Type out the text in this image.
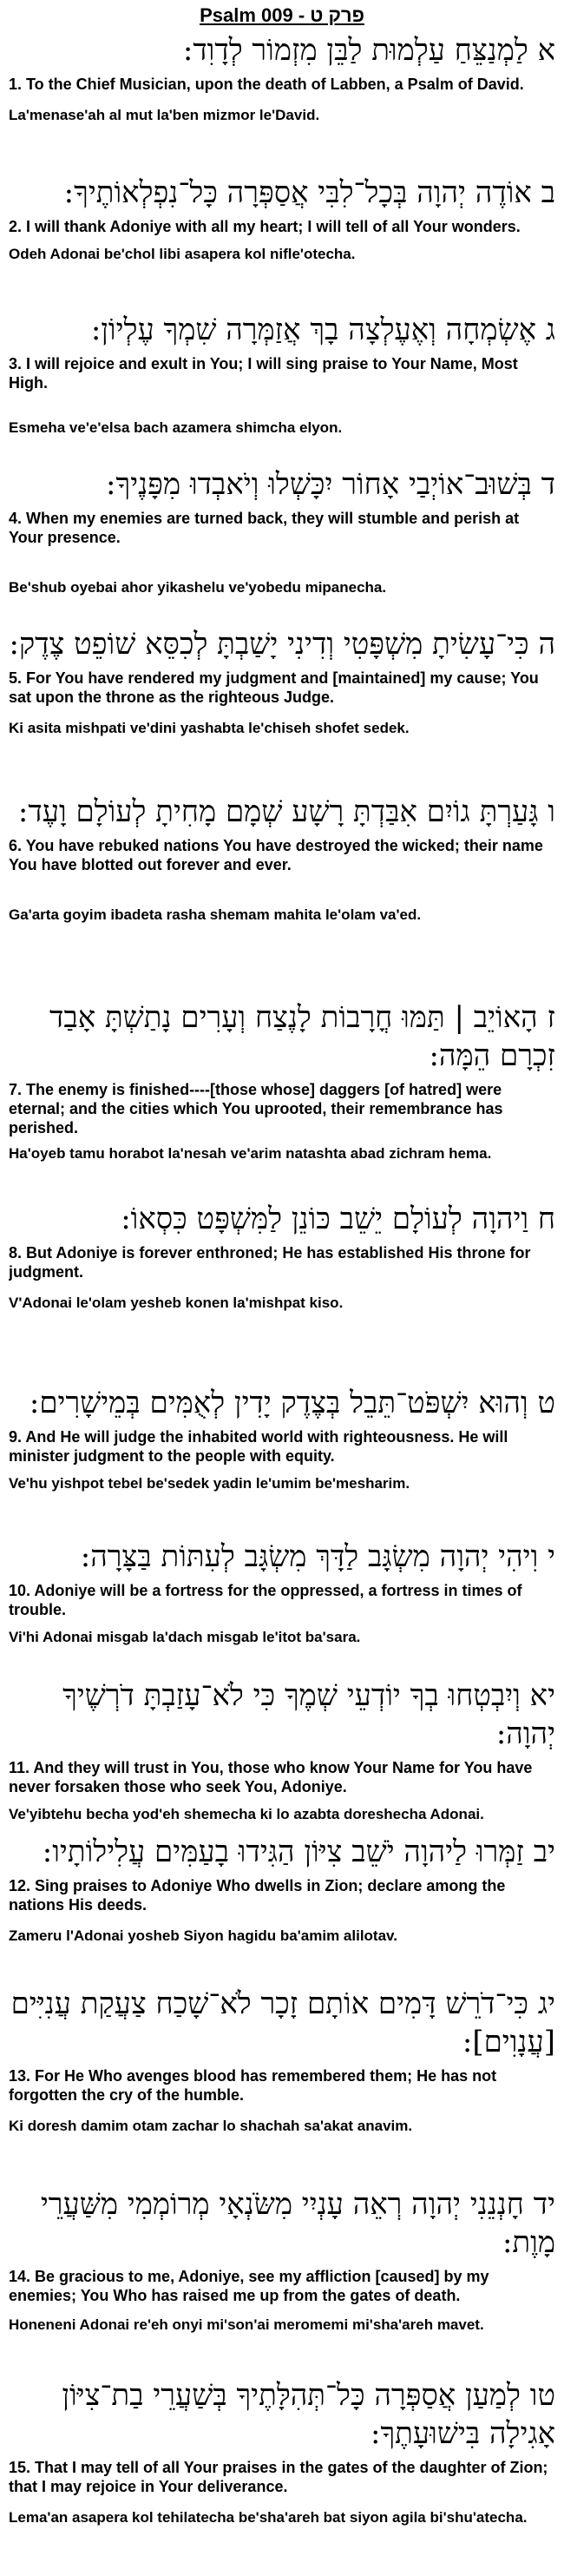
Psalm 009 - פרק ט

א לַמְנַצֵּחַ עַלְמוּת לַבֵּן מִזְמוֹר לְדָוִד:

1. To the Chief Musician, upon the death of Labben, a Psalm of David.

La'menase'ah al mut la'ben mizmor le'David.

ב אוֹדֶה יְהוָה בְּכָל־לִבִּי אֲסַפְּרָה כָּל־נִפְלְאוֹתֶיךָ:

2. I will thank Adoniye with all my heart; I will tell of all Your wonders.

Odeh Adonai be'chol libi asapera kol nifle'otecha.

ג אֶשְׂמְחָה וְאֶעֶלְצָה בָךְ אֲזַמְּרָה שִׁמְךָ עֶלְיוֹן:

3. I will rejoice and exult in You; I will sing praise to Your Name, Most High.

Esmeha ve'e'elsa bach azamera shimcha elyon.

ד בְּשׁוּב־אוֹיְבַי אָחוֹר יִכָּשְׁלוּ וְיֹאבְדוּ מִפָּנֶיךָ:

4. When my enemies are turned back, they will stumble and perish at Your presence.

Be'shub oyebai ahor yikashelu ve'yobedu mipanecha.

ה כִּי־עָשִׂיתָ מִשְׁפָּטִי וְדִינִי יָשַׁבְתָּ לְכִסֵּא שׁוֹפֵט צֶדֶק:

5. For You have rendered my judgment and [maintained] my cause; You sat upon the throne as the righteous Judge.

Ki asita mishpati ve'dini yashabta le'chiseh shofet sedek.

ו גָּעַרְתָּ גוֹיִם אִבַּדְתָּ רָשָׁע שְׁמָם מָחִיתָ לְעוֹלָם וָעֶד:

6. You have rebuked nations You have destroyed the wicked; their name You have blotted out forever and ever.

Ga'arta goyim ibadeta rasha shemam mahita le'olam va'ed.

ז הָאוֹיֵב | תַּמּוּ חֳרָבוֹת לָנֶצַח וְעָרִים נָתַשְׁתָּ אָבַד זִכְרָם הֵמָּה:

7. The enemy is finished----[those whose] daggers [of hatred] were eternal; and the cities which You uprooted, their remembrance has perished.

Ha'oyeb tamu horabot la'nesah ve'arim natashta abad zichram hema.

ח וַיהוָה לְעוֹלָם יֵשֵׁב כּוֹנֵן לַמִּשְׁפָּט כִּסְאוֹ:

8. But Adoniye is forever enthroned; He has established His throne for judgment.

V'Adonai le'olam yesheb konen la'mishpat kiso.

ט וְהוּא יִשְׁפֹּט־תֵּבֵל בְּצֶדֶק יָדִין לְאֻמִּים בְּמֵישָׁרִים:

9. And He will judge the inhabited world with righteousness. He will minister judgment to the people with equity.

Ve'hu yishpot tebel be'sedek yadin le'umim be'mesharim.

י וִיהִי יְהוָה מִשְׂגָּב לַדָּךְ מִשְׂגָּב לְעִתּוֹת בַּצָּרָה:

10. Adoniye will be a fortress for the oppressed, a fortress in times of trouble.

Vi'hi Adonai misgab la'dach misgab le'itot ba'sara.

יא וְיִבְטְחוּ בְךָ יוֹדְעֵי שְׁמֶךָ כִּי לֹא־עָזַבְתָּ דֹרְשֶׁיךָ יְהוָה:

11. And they will trust in You, those who know Your Name for You have never forsaken those who seek You, Adoniye.

Ve'yibtehu becha yod'eh shemecha ki lo azabta doreshecha Adonai.

יב זַמְּרוּ לַיהוָה יֹשֵׁב צִיּוֹן הַגִּידוּ בָעַמִּים עֲלִילוֹתָיו:

12. Sing praises to Adoniye Who dwells in Zion; declare among the nations His deeds.

Zameru l'Adonai yosheb Siyon hagidu ba'amim alilotav.

יג כִּי־דֹרֵשׁ דָּמִים אוֹתָם זָכָר לֹא־שָׁכַח צַעֲקַת עֲנִיִּים [עֲנָוִים]:

13. For He Who avenges blood has remembered them; He has not forgotten the cry of the humble.

Ki doresh damim otam zachar lo shachah sa'akat anavim.

יד חָנְנֵנִי יְהוָה רְאֵה עָנְיִי מִשֹּׂנְאָי מְרוֹמְמִי מִשַּׁעֲרֵי מָוֶת:

14. Be gracious to me, Adoniye, see my affliction [caused] by my enemies; You Who has raised me up from the gates of death.

Honeneni Adonai re'eh onyi mi'son'ai meromemi mi'sha'areh mavet.

טו לְמַעַן אֲסַפְּרָה כָּל־תְּהִלָּתֶיךָ בְּשַׁעֲרֵי בַת־צִיּוֹן אָגִילָה בִּישׁוּעָתֶךָ:

15. That I may tell of all Your praises in the gates of the daughter of Zion; that I may rejoice in Your deliverance.

Lema'an asapera kol tehilatecha be'sha'areh bat siyon agila bi'shu'atecha.
